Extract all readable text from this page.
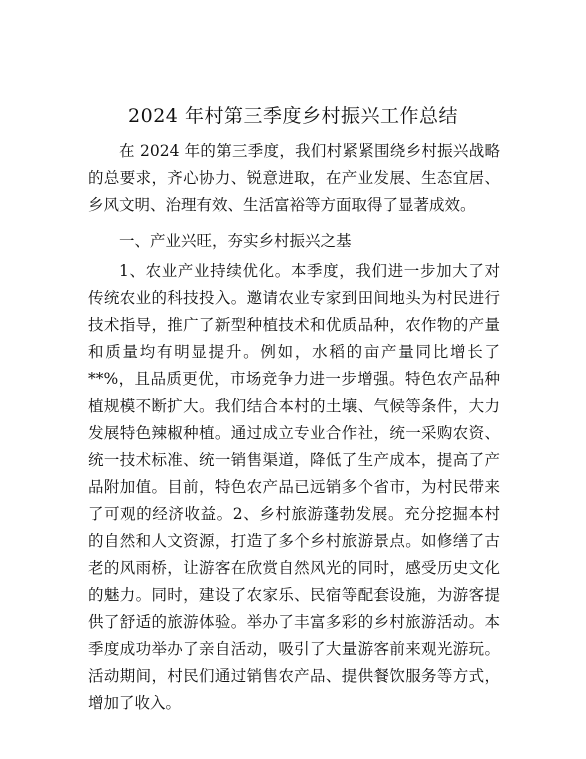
2024 年村第三季度乡村振兴工作总结

在 2024 年的第三季度，我们村紧紧围绕乡村振兴战略的总要求，齐心协力、锐意进取，在产业发展、生态宜居、乡风文明、治理有效、生活富裕等方面取得了显著成效。

一、产业兴旺，夯实乡村振兴之基

1、农业产业持续优化。本季度，我们进一步加大了对传统农业的科技投入。邀请农业专家到田间地头为村民进行技术指导，推广了新型种植技术和优质品种，农作物的产量和质量均有明显提升。例如，水稻的亩产量同比增长了**%，且品质更优，市场竞争力进一步增强。特色农产品种植规模不断扩大。我们结合本村的土壤、气候等条件，大力发展特色辣椒种植。通过成立专业合作社，统一采购农资、统一技术标准、统一销售渠道，降低了生产成本，提高了产品附加值。目前，特色农产品已远销多个省市，为村民带来了可观的经济收益。2、乡村旅游蓬勃发展。充分挖掘本村的自然和人文资源，打造了多个乡村旅游景点。如修缮了古老的风雨桥，让游客在欣赏自然风光的同时，感受历史文化的魅力。同时，建设了农家乐、民宿等配套设施，为游客提供了舒适的旅游体验。举办了丰富多彩的乡村旅游活动。本季度成功举办了亲自活动，吸引了大量游客前来观光游玩。活动期间，村民们通过销售农产品、提供餐饮服务等方式，增加了收入。
